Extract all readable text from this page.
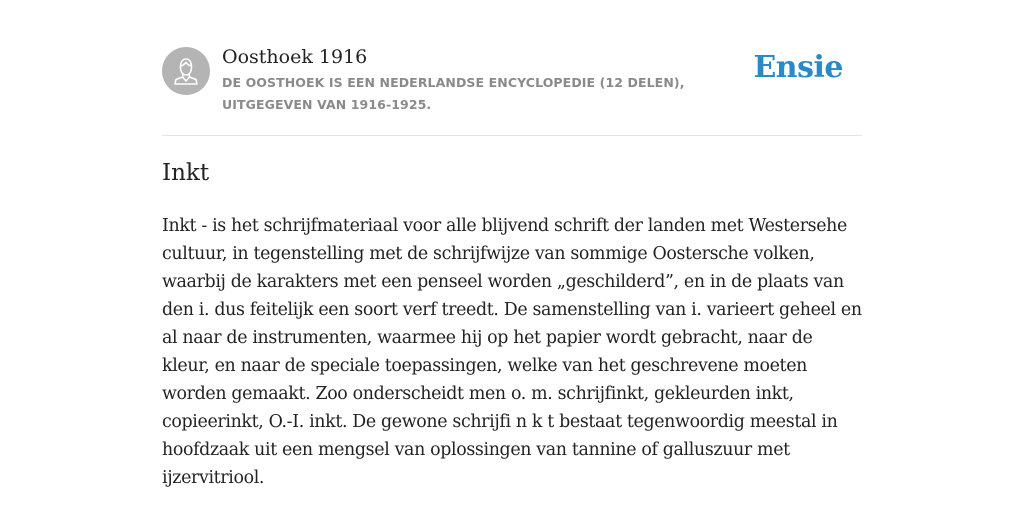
Oosthoek 1916
DE OOSTHOEK IS EEN NEDERLANDSE ENCYCLOPEDIE (12 DELEN), UITGEGEVEN VAN 1916-1925.
Ensie
Inkt

Inkt - is het schrijfmateriaal voor alle blijvend schrift der landen met Westersehe cultuur, in tegenstelling met de schrijfwijze van sommige Oostersche volken, waarbij de karakters met een penseel worden „geschilderd”, en in de plaats van den i. dus feitelijk een soort verf treedt. De samenstelling van i. varieert geheel en al naar de instrumenten, waarmee hij op het papier wordt gebracht, naar de kleur, en naar de speciale toepassingen, welke van het geschrevene moeten worden gemaakt. Zoo onderscheidt men o. m. schrijfinkt, gekleurden inkt, copieerinkt, O.-I. inkt. De gewone schrijfi n k t bestaat tegenwoordig meestal in hoofdzaak uit een mengsel van oplossingen van tannine of galluszuur met ijzervitriool.
